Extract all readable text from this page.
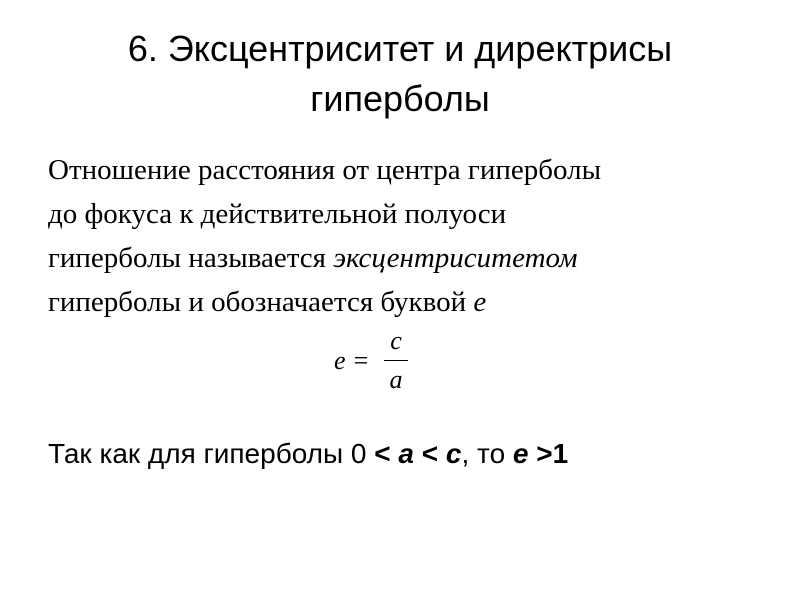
6. Эксцентриситет и директрисы
гиперболы
Отношение расстояния от центра гиперболы
до фокуса к действительной полуоси
гиперболы называется эксцентриситетом
гиперболы и обозначается буквой e
e =
c
a
Так как для гиперболы 0 < a < c, то e >1
